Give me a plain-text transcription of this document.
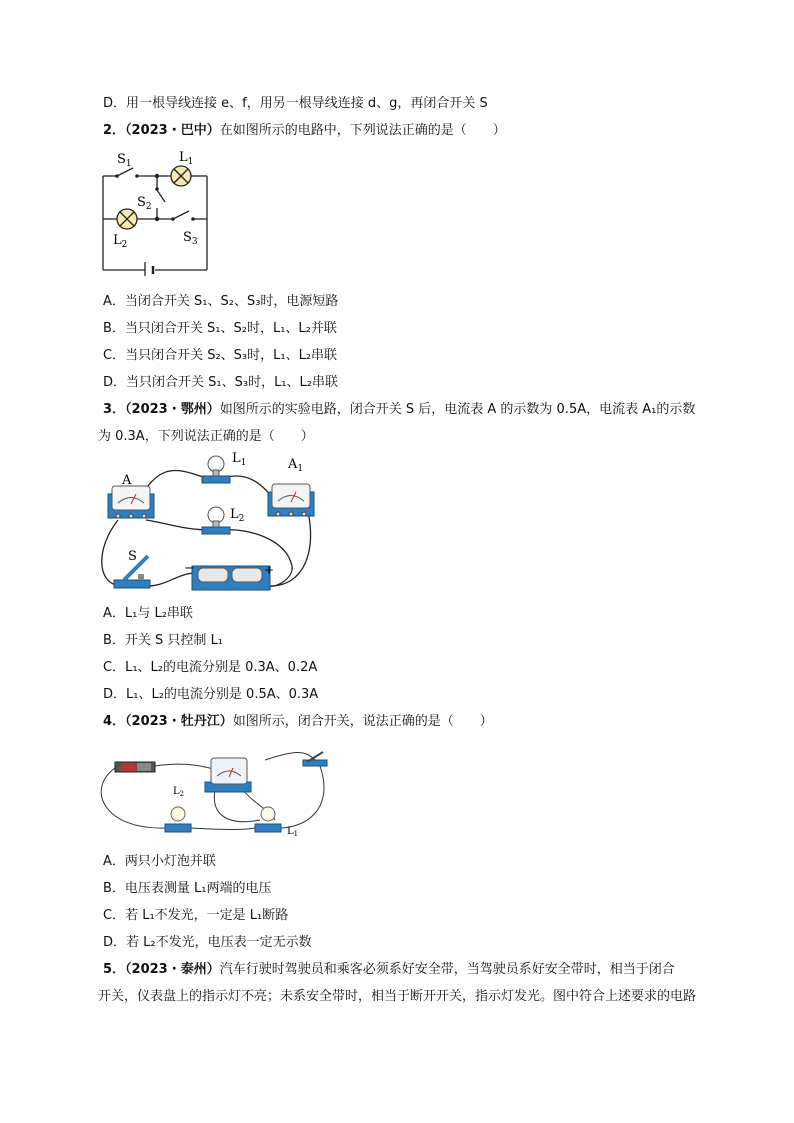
D．用一根导线连接 e、f，用另一根导线连接 d、g，再闭合开关 S
2．（2023・巴中）在如图所示的电路中，下列说法正确的是（　　）
$S_1$	$L_1$
$S_2$
$L_2$	$S_3$
A．当闭合开关 S₁、S₂、S₃时，电源短路
B．当只闭合开关 S₁、S₂时，L₁、L₂并联
C．当只闭合开关 S₂、S₃时，L₁、L₂串联
D．当只闭合开关 S₁、S₃时，L₁、L₂串联
3．（2023・鄂州）如图所示的实验电路，闭合开关 S 后，电流表 A 的示数为 0.5A，电流表 A₁的示数
为 0.3A，下列说法正确的是（　　）
A
$A_1$
$L_1$
$L_2$
S
−	+
A．L₁与 L₂串联
B．开关 S 只控制 L₁
C．L₁、L₂的电流分别是 0.3A、0.2A
D．L₁、L₂的电流分别是 0.5A、0.3A
4．（2023・牡丹江）如图所示，闭合开关，说法正确的是（　　）
$L_2$
$L_1$
A．两只小灯泡并联
B．电压表测量 L₁两端的电压
C．若 L₁不发光，一定是 L₁断路
D．若 L₂不发光，电压表一定无示数
5．（2023・泰州）汽车行驶时驾驶员和乘客必须系好安全带，当驾驶员系好安全带时，相当于闭合
开关，仪表盘上的指示灯不亮；未系安全带时，相当于断开开关，指示灯发光。图中符合上述要求的电路
